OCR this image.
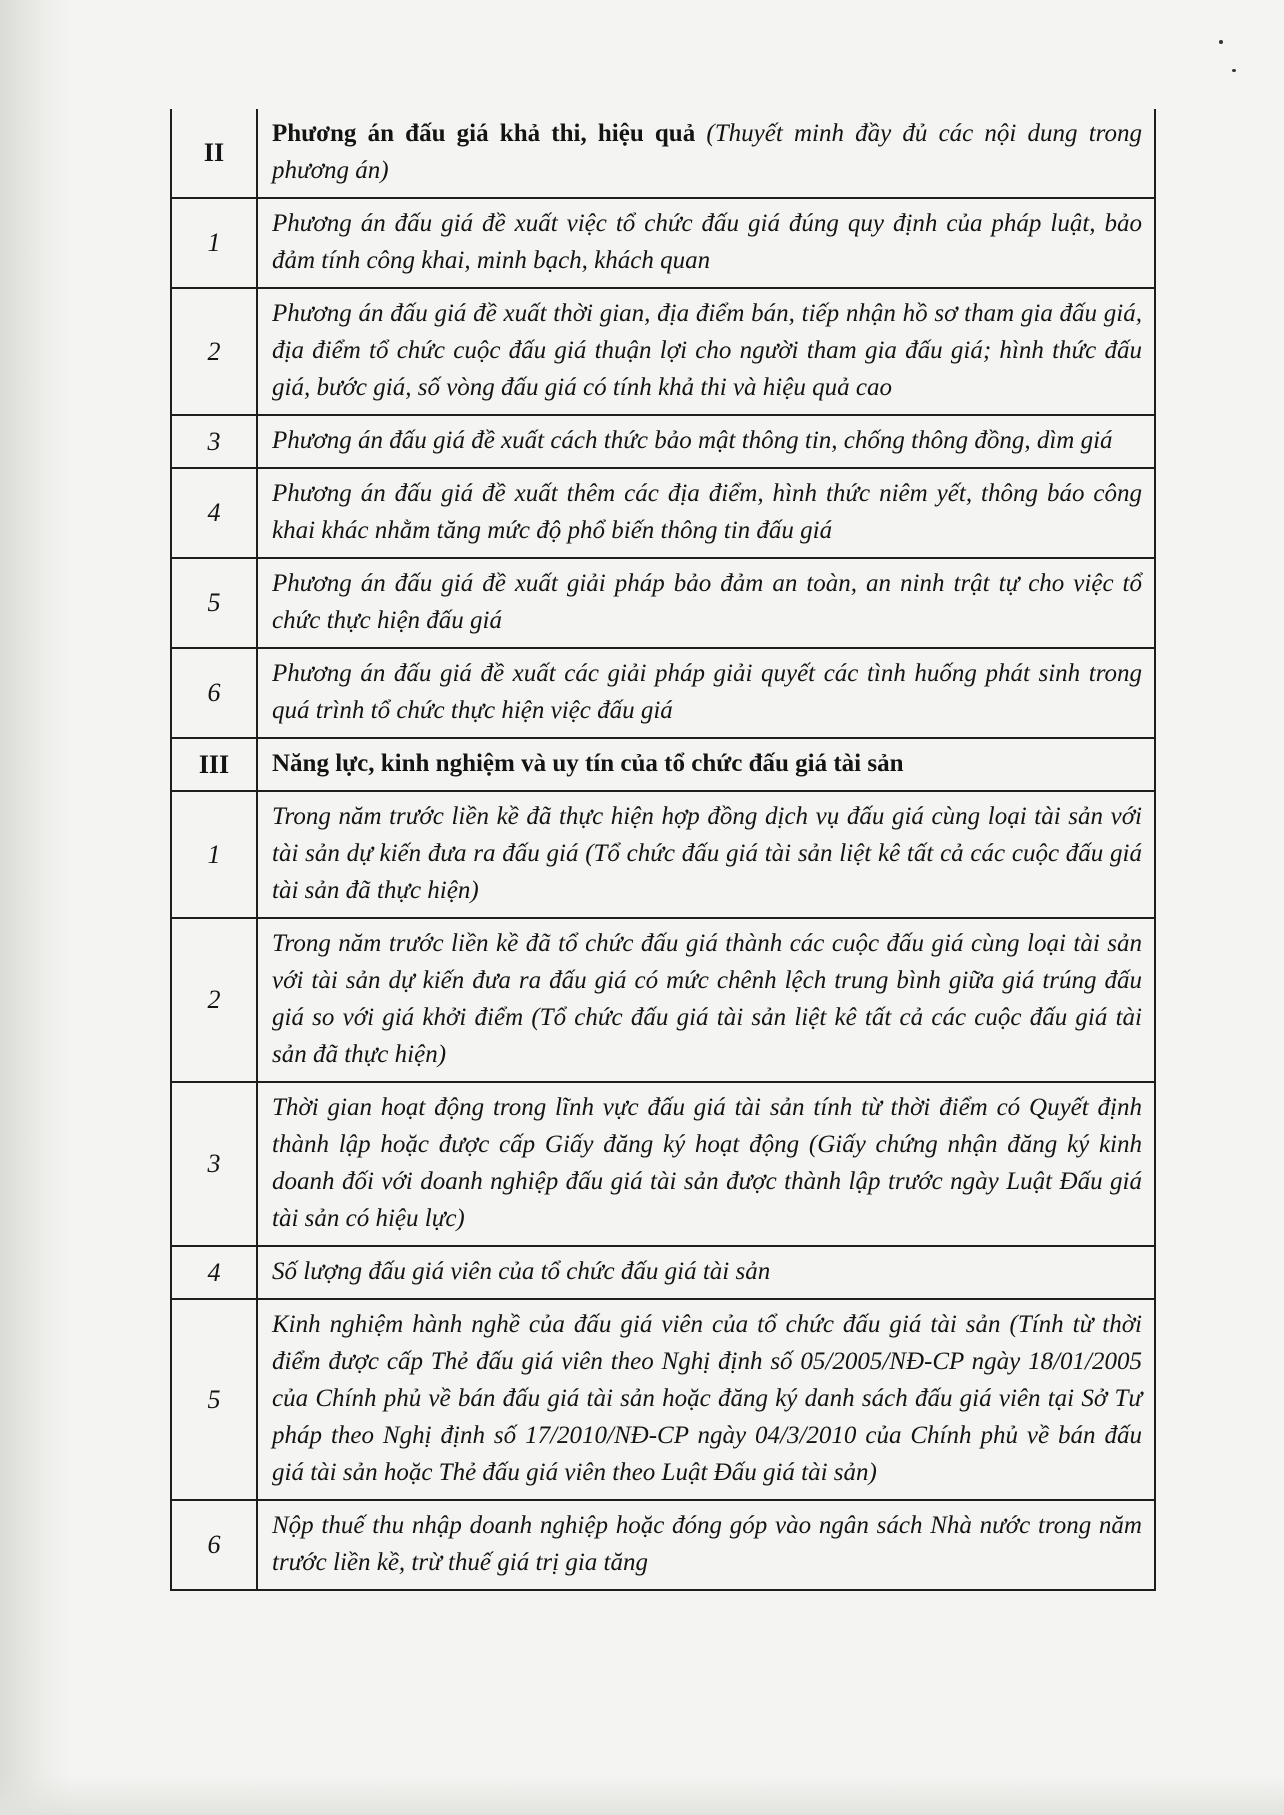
II	Phương án đấu giá khả thi, hiệu quả (Thuyết minh đầy đủ các nội dung trong phương án)
1	Phương án đấu giá đề xuất việc tổ chức đấu giá đúng quy định của pháp luật, bảo đảm tính công khai, minh bạch, khách quan
2	Phương án đấu giá đề xuất thời gian, địa điểm bán, tiếp nhận hồ sơ tham gia đấu giá, địa điểm tổ chức cuộc đấu giá thuận lợi cho người tham gia đấu giá; hình thức đấu giá, bước giá, số vòng đấu giá có tính khả thi và hiệu quả cao
3	Phương án đấu giá đề xuất cách thức bảo mật thông tin, chống thông đồng, dìm giá
4	Phương án đấu giá đề xuất thêm các địa điểm, hình thức niêm yết, thông báo công khai khác nhằm tăng mức độ phổ biến thông tin đấu giá
5	Phương án đấu giá đề xuất giải pháp bảo đảm an toàn, an ninh trật tự cho việc tổ chức thực hiện đấu giá
6	Phương án đấu giá đề xuất các giải pháp giải quyết các tình huống phát sinh trong quá trình tổ chức thực hiện việc đấu giá
III	Năng lực, kinh nghiệm và uy tín của tổ chức đấu giá tài sản
1	Trong năm trước liền kề đã thực hiện hợp đồng dịch vụ đấu giá cùng loại tài sản với tài sản dự kiến đưa ra đấu giá (Tổ chức đấu giá tài sản liệt kê tất cả các cuộc đấu giá tài sản đã thực hiện)
2	Trong năm trước liền kề đã tổ chức đấu giá thành các cuộc đấu giá cùng loại tài sản với tài sản dự kiến đưa ra đấu giá có mức chênh lệch trung bình giữa giá trúng đấu giá so với giá khởi điểm (Tổ chức đấu giá tài sản liệt kê tất cả các cuộc đấu giá tài sản đã thực hiện)
3	Thời gian hoạt động trong lĩnh vực đấu giá tài sản tính từ thời điểm có Quyết định thành lập hoặc được cấp Giấy đăng ký hoạt động (Giấy chứng nhận đăng ký kinh doanh đối với doanh nghiệp đấu giá tài sản được thành lập trước ngày Luật Đấu giá tài sản có hiệu lực)
4	Số lượng đấu giá viên của tổ chức đấu giá tài sản
5	Kinh nghiệm hành nghề của đấu giá viên của tổ chức đấu giá tài sản (Tính từ thời điểm được cấp Thẻ đấu giá viên theo Nghị định số 05/2005/NĐ-CP ngày 18/01/2005 của Chính phủ về bán đấu giá tài sản hoặc đăng ký danh sách đấu giá viên tại Sở Tư pháp theo Nghị định số 17/2010/NĐ-CP ngày 04/3/2010 của Chính phủ về bán đấu giá tài sản hoặc Thẻ đấu giá viên theo Luật Đấu giá tài sản)
6	Nộp thuế thu nhập doanh nghiệp hoặc đóng góp vào ngân sách Nhà nước trong năm trước liền kề, trừ thuế giá trị gia tăng
